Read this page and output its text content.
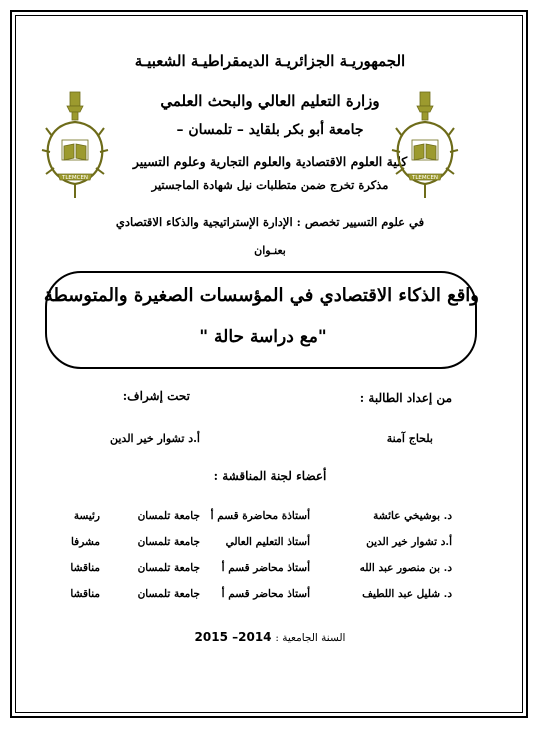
الجمهوريـة الجزائريـة الديمقراطيـة الشعبيـة
وزارة التعليم العالي والبحث العلمي
جامعة أبو بكر بلقايد – تلمسان –
كلية العلوم الاقتصادية والعلوم التجارية وعلوم التسيير
مذكرة تخرج ضمن متطلبات نيل شهادة الماجستير
في علوم التسيير تخصص : الإدارة الإستراتيجية والذكاء الاقتصادي
بعنـوان
TLEMCEN	TLEMCEN
واقع الذكاء الاقتصادي في المؤسسات الصغيرة والمتوسطة
"مع دراسة حالة "
من إعداد الطالبة :
تحت إشراف:
بلحاج آمنة
أ.د تشوار خير الدين
أعضاء لجنة المناقشة :
د. بوشيخي عائشة
أستاذة محاضرة قسم أ
جامعة تلمسان
رئيسة
أ.د تشوار خير الدين
أستاذ التعليم العالي
جامعة تلمسان
مشرفا
د. بن منصور عبد الله
أستاذ محاضر قسم أ
جامعة تلمسان
مناقشا
د. شليل عبد اللطيف
أستاذ محاضر قسم أ
جامعة تلمسان
مناقشا
السنة الجامعية : 2014– 2015
